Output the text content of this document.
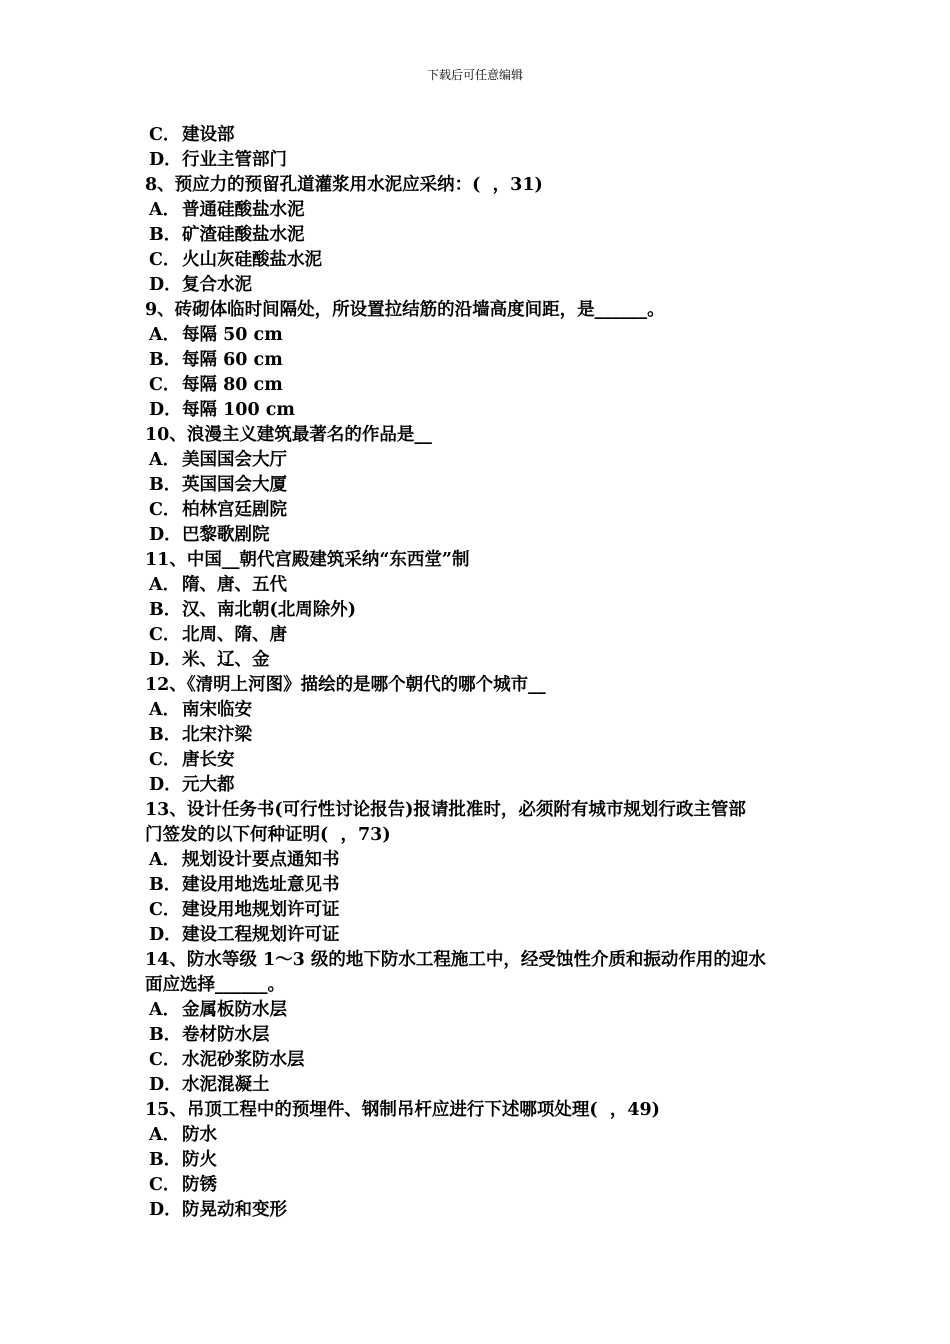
下载后可任意编辑
C．建设部
D．行业主管部门
8、预应力的预留孔道灌浆用水泥应采纳：(  ，31)
A． 普通硅酸盐水泥
B．矿渣硅酸盐水泥
C．火山灰硅酸盐水泥
D．复合水泥
9、砖砌体临时间隔处，所设置拉结筋的沿墙高度间距，是______。
A． 每隔 50 cm
B．每隔 60 cm
C．每隔 80 cm
D．每隔 100 cm
10、浪漫主义建筑最著名的作品是__
A． 美国国会大厅
B．英国国会大厦
C．柏林宫廷剧院
D．巴黎歌剧院
11、中国__朝代宫殿建筑采纳“东西堂”制
A． 隋、唐、五代
B．汉、南北朝(北周除外)
C．北周、隋、唐
D．米、辽、金
12、《清明上河图》描绘的是哪个朝代的哪个城市__
A． 南宋临安
B．北宋汴梁
C．唐长安
D．元大都
13、设计任务书(可行性讨论报告)报请批准时，必须附有城市规划行政主管部
门签发的以下何种证明(  ，73)
A． 规划设计要点通知书
B．建设用地选址意见书
C．建设用地规划许可证
D．建设工程规划许可证
14、防水等级 1～3 级的地下防水工程施工中，经受蚀性介质和振动作用的迎水
面应选择______。
A． 金属板防水层
B．卷材防水层
C．水泥砂浆防水层
D．水泥混凝土
15、吊顶工程中的预埋件、钢制吊杆应进行下述哪项处理(  ，49)
A． 防水
B．防火
C．防锈
D．防晃动和变形
